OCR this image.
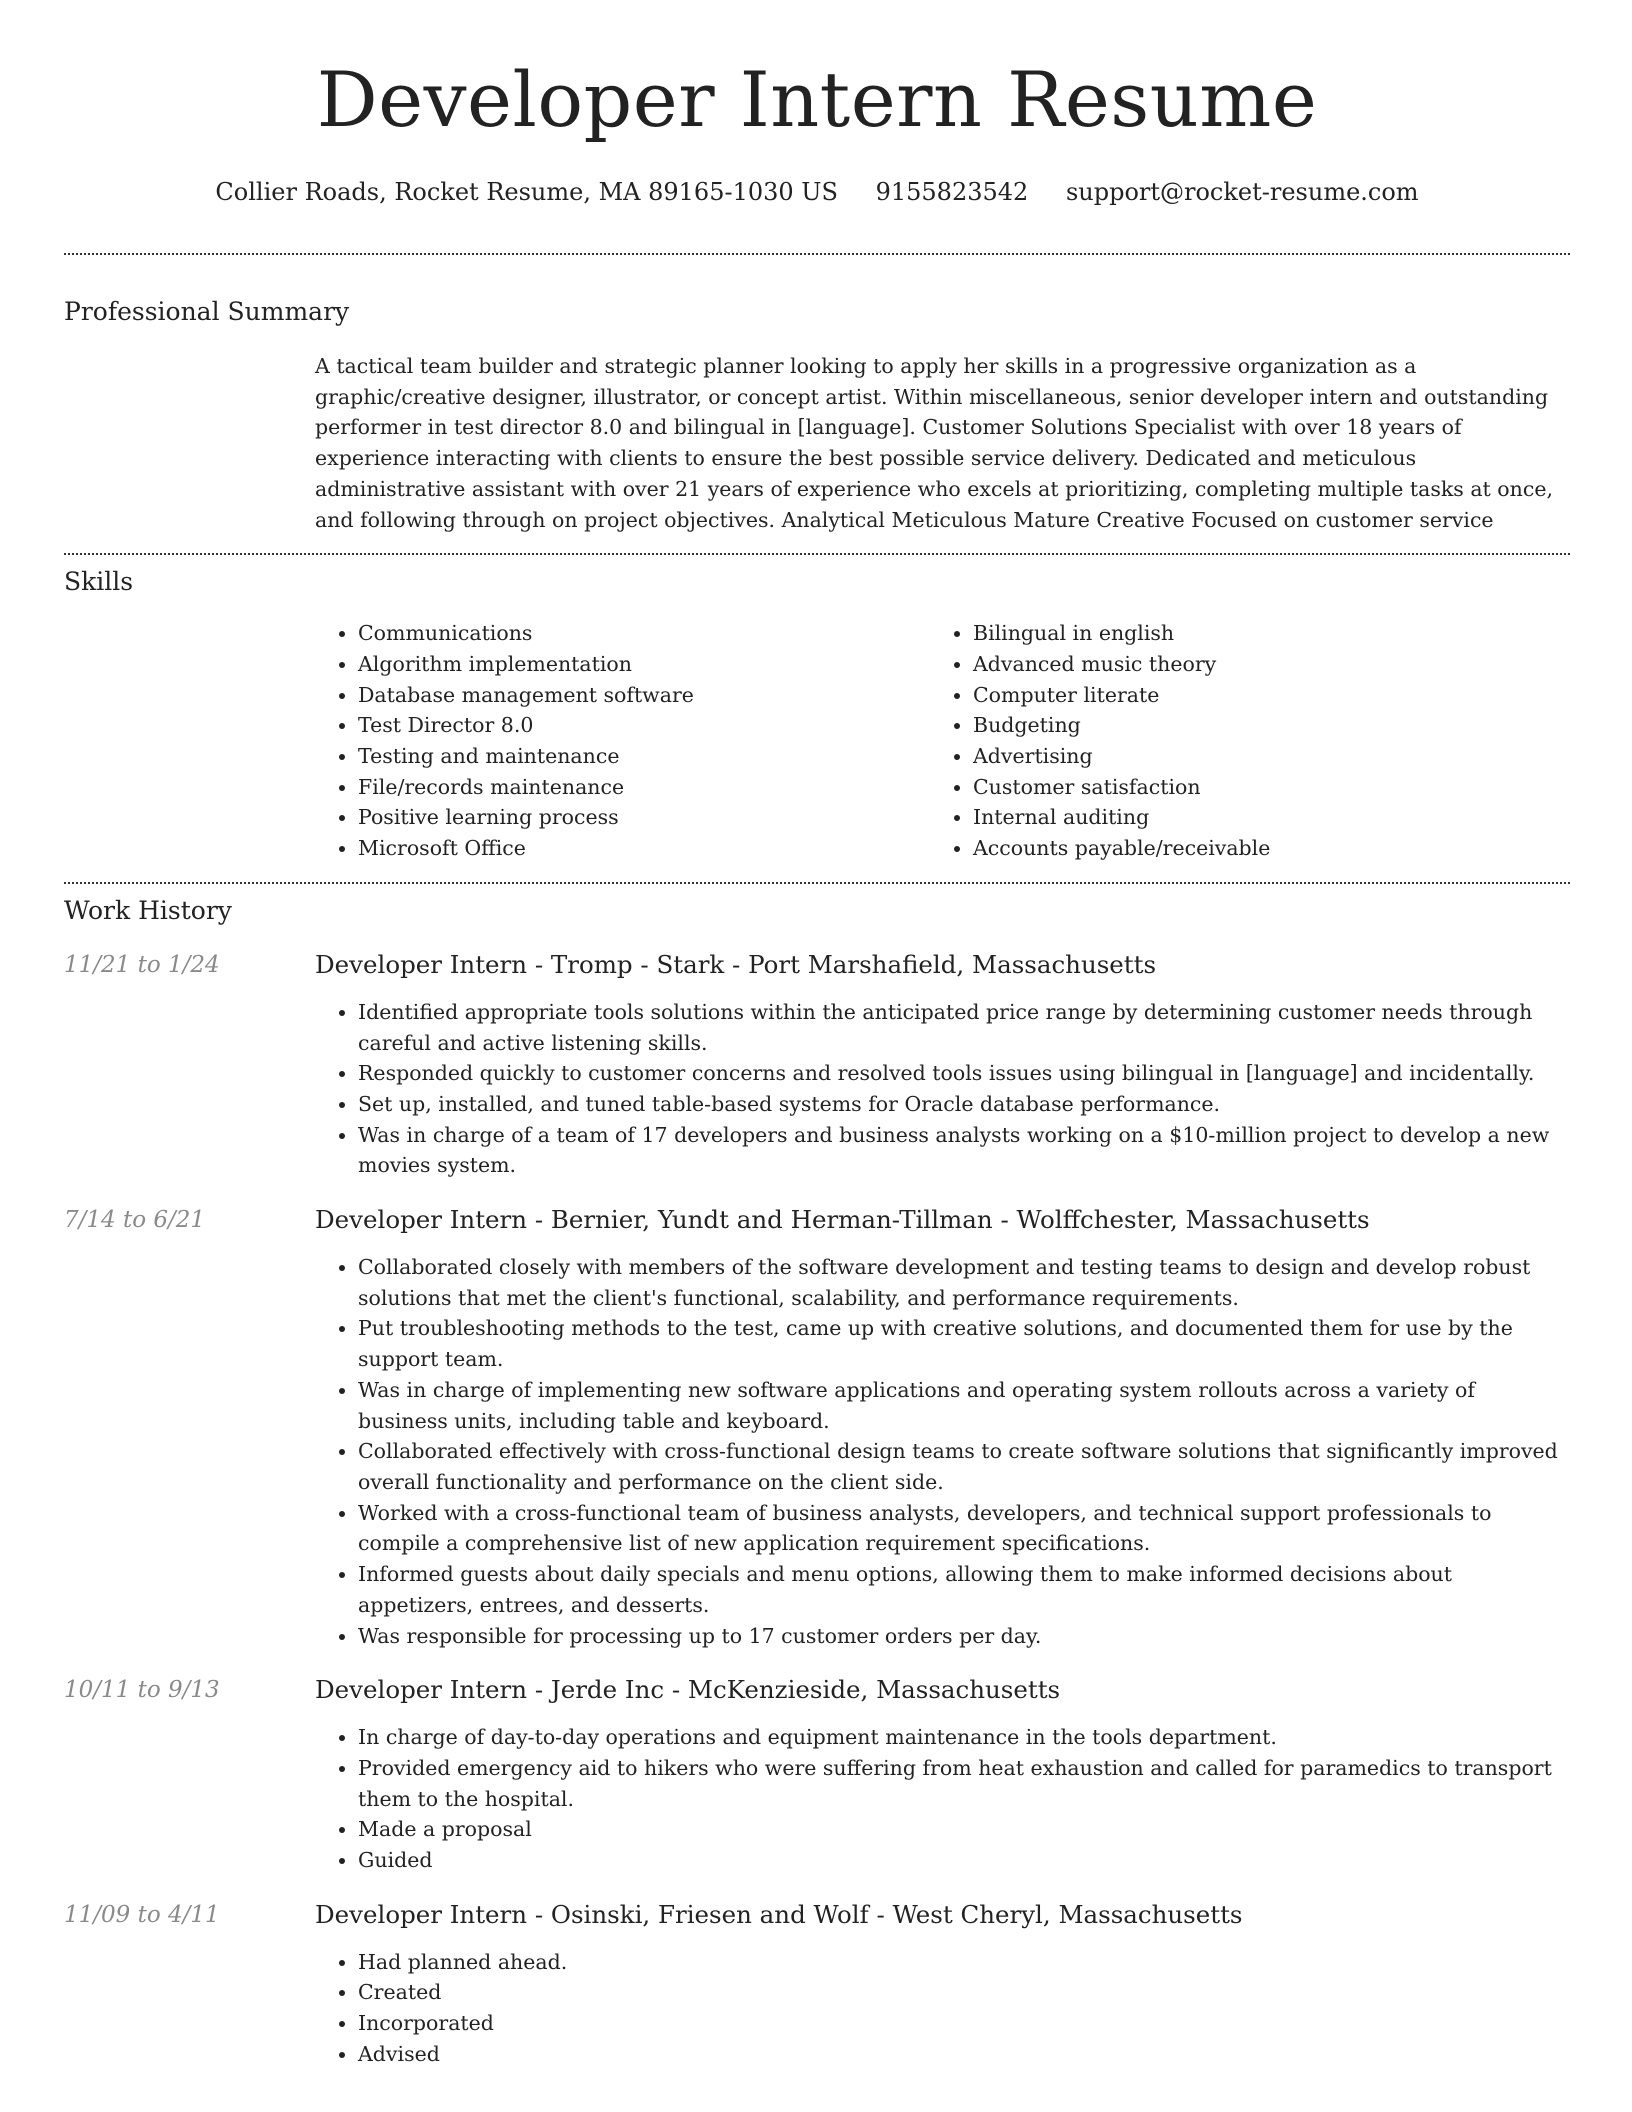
Developer Intern Resume
Collier Roads, Rocket Resume, MA 89165-1030 US 9155823542 support@rocket-resume.com
Professional Summary
A tactical team builder and strategic planner looking to apply her skills in a progressive organization as a graphic/creative designer, illustrator, or concept artist. Within miscellaneous, senior developer intern and outstanding performer in test director 8.0 and bilingual in [language]. Customer Solutions Specialist with over 18 years of experience interacting with clients to ensure the best possible service delivery. Dedicated and meticulous administrative assistant with over 21 years of experience who excels at prioritizing, completing multiple tasks at once, and following through on project objectives. Analytical Meticulous Mature Creative Focused on customer service
Skills
• Communications
• Algorithm implementation
• Database management software
• Test Director 8.0
• Testing and maintenance
• File/records maintenance
• Positive learning process
• Microsoft Office
• Bilingual in english
• Advanced music theory
• Computer literate
• Budgeting
• Advertising
• Customer satisfaction
• Internal auditing
• Accounts payable/receivable
Work History
11/21 to 1/24	Developer Intern - Tromp - Stark - Port Marshafield, Massachusetts
• Identified appropriate tools solutions within the anticipated price range by determining customer needs through careful and active listening skills.
• Responded quickly to customer concerns and resolved tools issues using bilingual in [language] and incidentally.
• Set up, installed, and tuned table-based systems for Oracle database performance.
• Was in charge of a team of 17 developers and business analysts working on a $10-million project to develop a new movies system.
7/14 to 6/21	Developer Intern - Bernier, Yundt and Herman-Tillman - Wolffchester, Massachusetts
• Collaborated closely with members of the software development and testing teams to design and develop robust solutions that met the client's functional, scalability, and performance requirements.
• Put troubleshooting methods to the test, came up with creative solutions, and documented them for use by the support team.
• Was in charge of implementing new software applications and operating system rollouts across a variety of business units, including table and keyboard.
• Collaborated effectively with cross-functional design teams to create software solutions that significantly improved overall functionality and performance on the client side.
• Worked with a cross-functional team of business analysts, developers, and technical support professionals to compile a comprehensive list of new application requirement specifications.
• Informed guests about daily specials and menu options, allowing them to make informed decisions about appetizers, entrees, and desserts.
• Was responsible for processing up to 17 customer orders per day.
10/11 to 9/13	Developer Intern - Jerde Inc - McKenzieside, Massachusetts
• In charge of day-to-day operations and equipment maintenance in the tools department.
• Provided emergency aid to hikers who were suffering from heat exhaustion and called for paramedics to transport them to the hospital.
• Made a proposal
• Guided
11/09 to 4/11	Developer Intern - Osinski, Friesen and Wolf - West Cheryl, Massachusetts
• Had planned ahead.
• Created
• Incorporated
• Advised
